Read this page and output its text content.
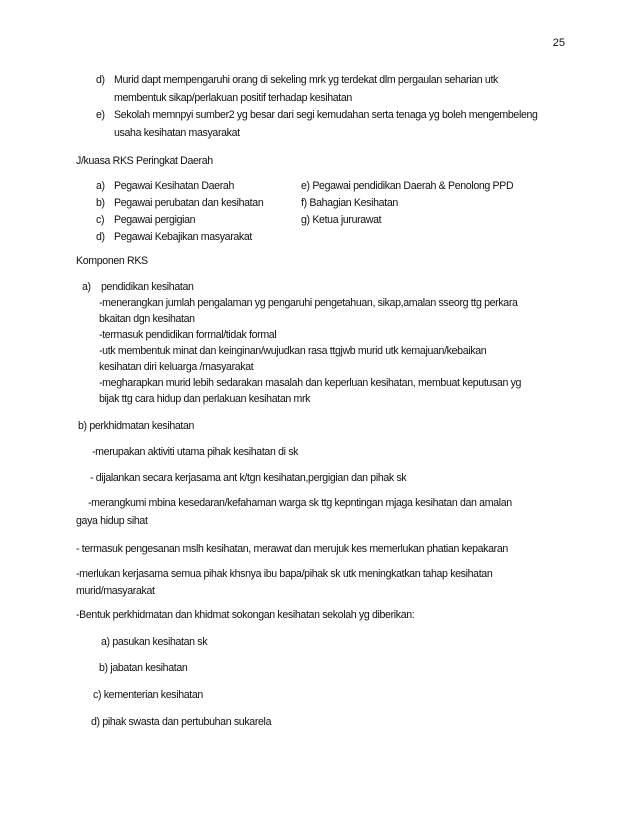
25
d) Murid dapt mempengaruhi orang di sekeling mrk yg terdekat dlm pergaulan seharian utk
membentuk sikap/perlakuan positif terhadap kesihatan
e) Sekolah memnpyi sumber2 yg besar dari segi kemudahan serta tenaga yg boleh mengembeleng
usaha kesihatan masyarakat
J/kuasa RKS Peringkat Daerah
a) Pegawai Kesihatan Daerah
b) Pegawai perubatan dan kesihatan
c) Pegawai pergigian
d) Pegawai Kebajikan masyarakat
e) Pegawai pendidikan Daerah & Penolong PPD
f) Bahagian Kesihatan
g) Ketua jururawat
Komponen RKS
a) pendidikan kesihatan
-menerangkan jumlah pengalaman yg pengaruhi pengetahuan, sikap,amalan sseorg ttg perkara
bkaitan dgn kesihatan
-termasuk pendidikan formal/tidak formal
-utk membentuk minat dan keinginan/wujudkan rasa ttgjwb murid utk kemajuan/kebaikan
kesihatan diri keluarga /masyarakat
-megharapkan murid lebih sedarakan masalah dan keperluan kesihatan, membuat keputusan yg
bijak ttg cara hidup dan perlakuan kesihatan mrk
b) perkhidmatan kesihatan
-merupakan aktiviti utama pihak kesihatan di sk
- dijalankan secara kerjasama ant k/tgn kesihatan,pergigian dan pihak sk
-merangkumi mbina kesedaran/kefahaman warga sk ttg kepntingan mjaga kesihatan dan amalan
gaya hidup sihat
- termasuk pengesanan mslh kesihatan, merawat dan merujuk kes memerlukan phatian kepakaran
-merlukan kerjasama semua pihak khsnya ibu bapa/pihak sk utk meningkatkan tahap kesihatan
murid/masyarakat
-Bentuk perkhidmatan dan khidmat sokongan kesihatan sekolah yg diberikan:
a) pasukan kesihatan sk
b) jabatan kesihatan
c) kementerian kesihatan
d) pihak swasta dan pertubuhan sukarela
